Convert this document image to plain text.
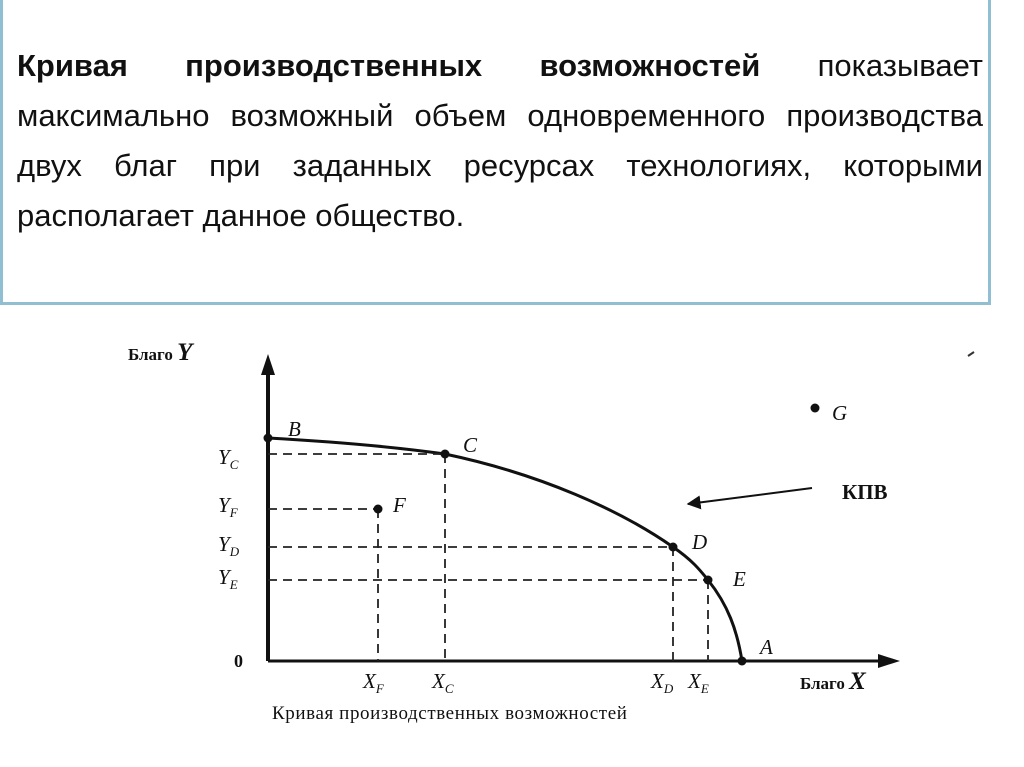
Кривая производственных возможностей показывает максимально возможный объем одновременного производства двух благ при заданных ресурсах технологиях, которыми располагает данное общество.

Благо Y
Благо X
0
B
C
D
E
A
F
G
$Y_C$
$Y_F$
$Y_D$
$Y_E$
$X_F$ $X_C$	$X_D$ $X_E$
КПВ
Кривая производственных возможностей
